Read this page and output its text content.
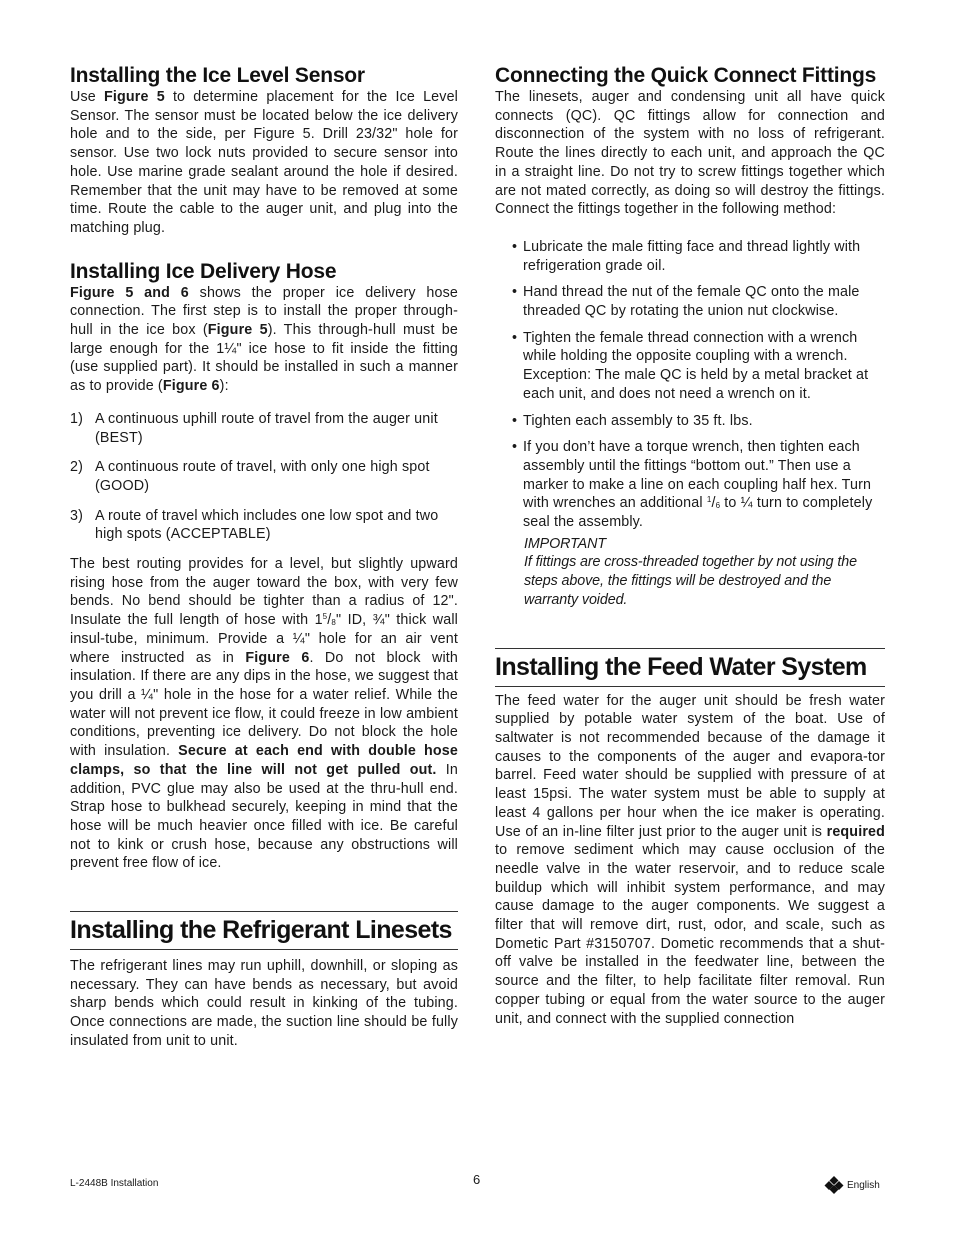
Installing the Ice Level Sensor

Use Figure 5 to determine placement for the Ice Level Sensor. The sensor must be located below the ice delivery hole and to the side, per Figure 5. Drill 23/32" hole for sensor. Use two lock nuts provided to secure sensor into hole. Use marine grade sealant around the hole if desired. Remember that the unit may have to be removed at some time. Route the cable to the auger unit, and plug into the matching plug.

Installing Ice Delivery Hose

Figure 5 and 6 shows the proper ice delivery hose connection. The first step is to install the proper through-hull in the ice box (Figure 5). This through-hull must be large enough for the 1¼" ice hose to fit inside the fitting (use supplied part). It should be installed in such a manner as to provide (Figure 6):

1) A continuous uphill route of travel from the auger unit (BEST)
2) A continuous route of travel, with only one high spot (GOOD)
3) A route of travel which includes one low spot and two high spots (ACCEPTABLE)

The best routing provides for a level, but slightly upward rising hose from the auger toward the box, with very few bends. No bend should be tighter than a radius of 12". Insulate the full length of hose with $1^5/_8$" ID, ¾" thick wall insul-tube, minimum. Provide a ¼" hole for an air vent where instructed as in Figure 6. Do not block with insulation. If there are any dips in the hose, we suggest that you drill a ¼" hole in the hose for a water relief. While the water will not prevent ice flow, it could freeze in low ambient conditions, preventing ice delivery. Do not block the hole with insulation. Secure at each end with double hose clamps, so that the line will not get pulled out. In addition, PVC glue may also be used at the thru-hull end. Strap hose to bulkhead securely, keeping in mind that the hose will be much heavier once filled with ice. Be careful not to kink or crush hose, because any obstructions will prevent free flow of ice.

Installing the Refrigerant Linesets

The refrigerant lines may run uphill, downhill, or sloping as necessary. They can have bends as necessary, but avoid sharp bends which could result in kinking of the tubing. Once connections are made, the suction line should be fully insulated from unit to unit.

Connecting the Quick Connect Fittings

The linesets, auger and condensing unit all have quick connects (QC). QC fittings allow for connection and disconnection of the system with no loss of refrigerant. Route the lines directly to each unit, and approach the QC in a straight line. Do not try to screw fittings together which are not mated correctly, as doing so will destroy the fittings. Connect the fittings together in the following method:

• Lubricate the male fitting face and thread lightly with refrigeration grade oil.
• Hand thread the nut of the female QC onto the male threaded QC by rotating the union nut clockwise.
• Tighten the female thread connection with a wrench while holding the opposite coupling with a wrench. Exception: The male QC is held by a metal bracket at each unit, and does not need a wrench on it.
• Tighten each assembly to 35 ft. lbs.
• If you don’t have a torque wrench, then tighten each assembly until the fittings “bottom out.” Then use a marker to make a line on each coupling half hex. Turn with wrenches an additional $^1/_6$ to ¼ turn to completely seal the assembly.

IMPORTANT

If fittings are cross-threaded together by not using the steps above, the fittings will be destroyed and the warranty voided.

Installing the Feed Water System

The feed water for the auger unit should be fresh water supplied by potable water system of the boat. Use of saltwater is not recommended because of the damage it causes to the components of the auger and evapora-tor barrel. Feed water should be supplied with pressure of at least 15psi. The water system must be able to supply at least 4 gallons per hour when the ice maker is operating. Use of an in-line filter just prior to the auger unit is required to remove sediment which may cause occlusion of the needle valve in the water reservoir, and to reduce scale buildup which will inhibit system performance, and may cause damage to the auger components. We suggest a filter that will remove dirt, rust, odor, and scale, such as Dometic Part #3150707. Dometic recommends that a shut-off valve be installed in the feedwater line, between the source and the filter, to help facilitate filter removal. Run copper tubing or equal from the water source to the auger unit, and connect with the supplied connection

L-2448B Installation	6	English
